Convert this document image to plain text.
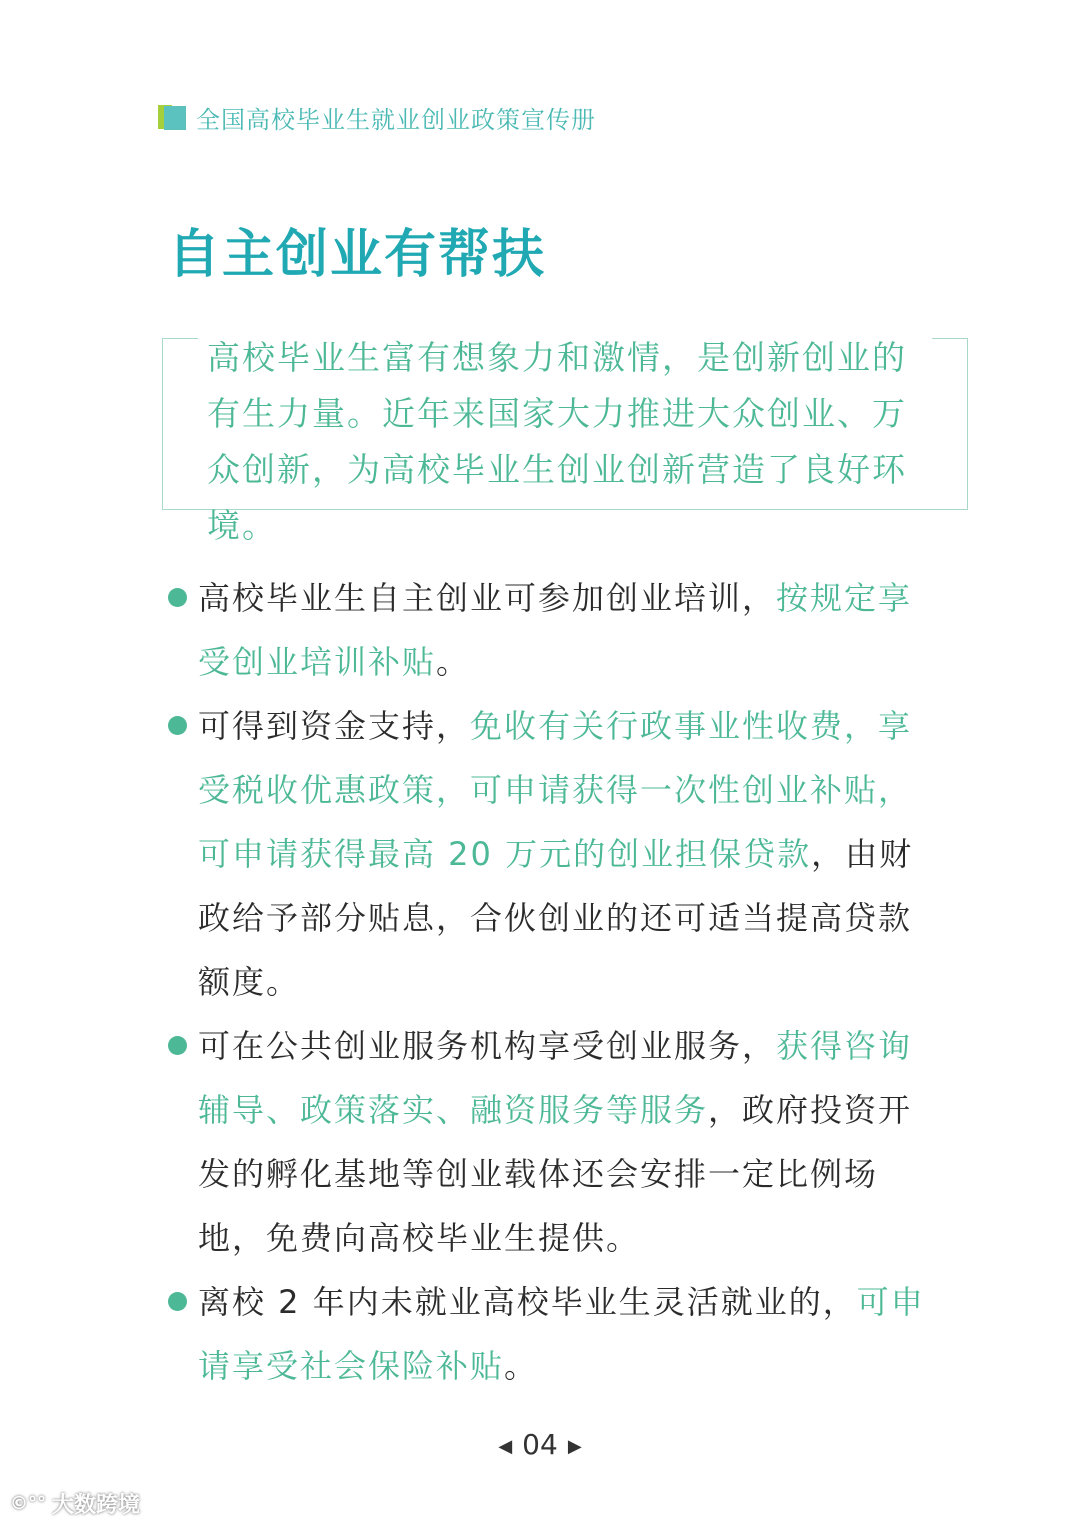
全国高校毕业生就业创业政策宣传册
自主创业有帮扶
高校毕业生富有想象力和激情，是创新创业的有生力量。近年来国家大力推进大众创业、万众创新，为高校毕业生创业创新营造了良好环境。
高校毕业生自主创业可参加创业培训，按规定享受创业培训补贴。
可得到资金支持，免收有关行政事业性收费，享受税收优惠政策，可申请获得一次性创业补贴，可申请获得最高 20 万元的创业担保贷款，由财政给予部分贴息，合伙创业的还可适当提高贷款额度。
可在公共创业服务机构享受创业服务，获得咨询辅导、政策落实、融资服务等服务，政府投资开发的孵化基地等创业载体还会安排一定比例场地，免费向高校毕业生提供。
离校 2 年内未就业高校毕业生灵活就业的，可申请享受社会保险补贴。
◀ 04 ▶
©°° 大数跨境
